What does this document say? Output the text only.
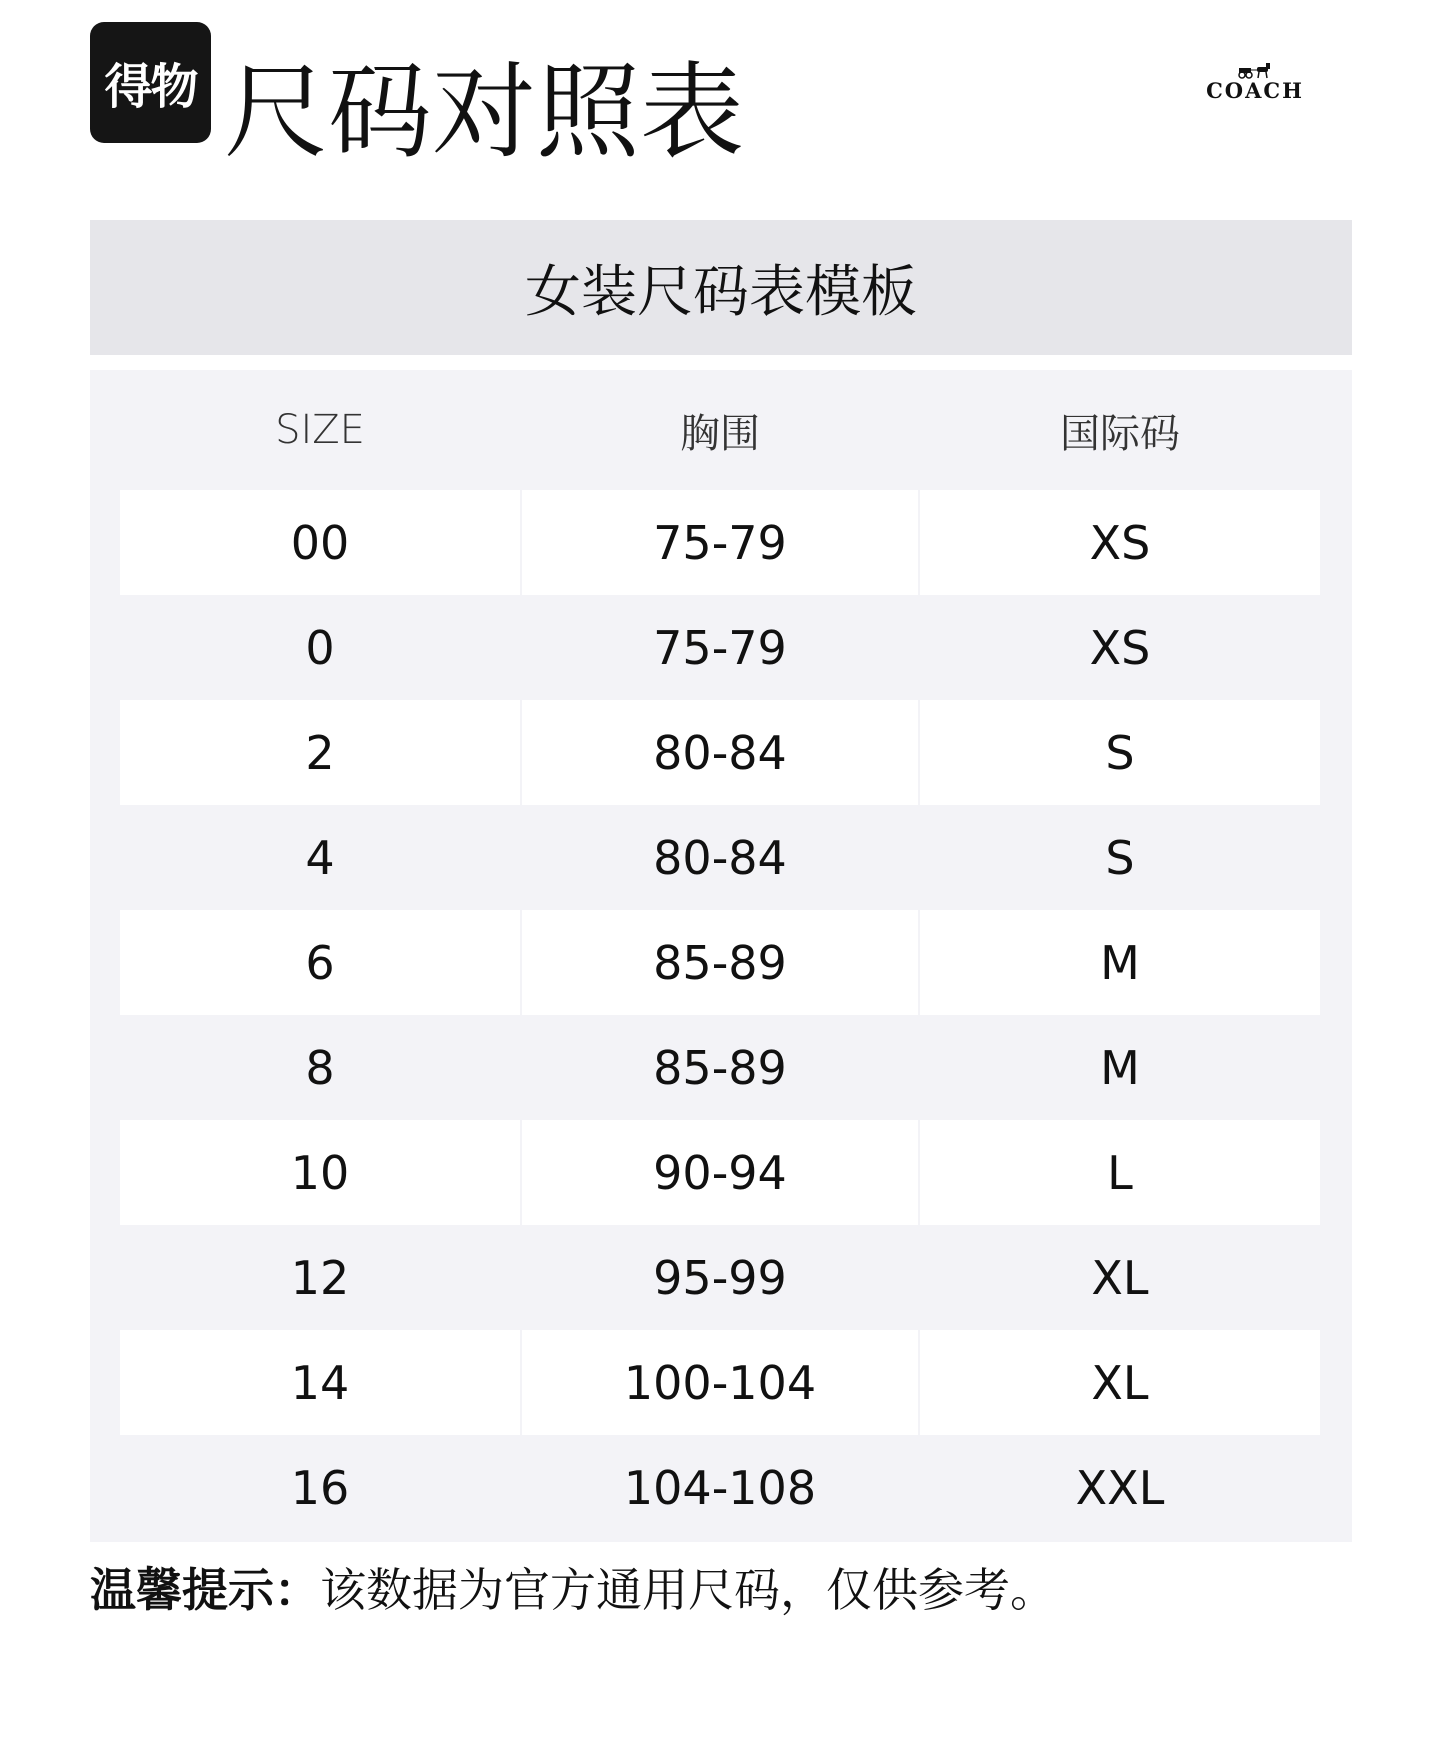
得物 尺码对照表	COACH
女装尺码表模板
SIZE	胸围	国际码
00	75-79	XS
0	75-79	XS
2	80-84	S
4	80-84	S
6	85-89	M
8	85-89	M
10	90-94	L
12	95-99	XL
14	100-104	XL
16	104-108	XXL
温馨提示：该数据为官方通用尺码，仅供参考。
